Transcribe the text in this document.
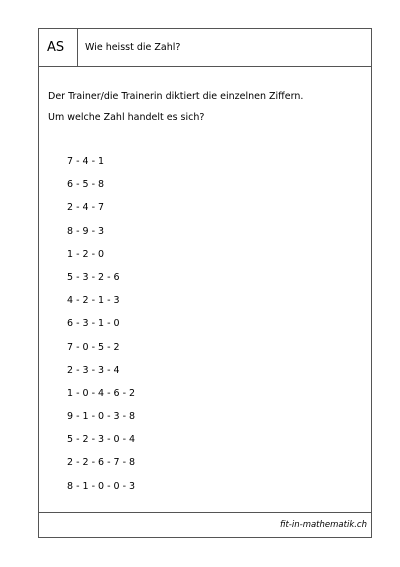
AS	Wie heisst die Zahl?

Der Trainer/die Trainerin diktiert die einzelnen Ziffern.

Um welche Zahl handelt es sich?

7 - 4 - 1
6 - 5 - 8
2 - 4 - 7
8 - 9 - 3
1 - 2 - 0
5 - 3 - 2 - 6
4 - 2 - 1 - 3
6 - 3 - 1 - 0
7 - 0 - 5 - 2
2 - 3 - 3 - 4
1 - 0 - 4 - 6 - 2
9 - 1 - 0 - 3 - 8
5 - 2 - 3 - 0 - 4
2 - 2 - 6 - 7 - 8
8 - 1 - 0 - 0 - 3
fit-in-mathematik.ch
